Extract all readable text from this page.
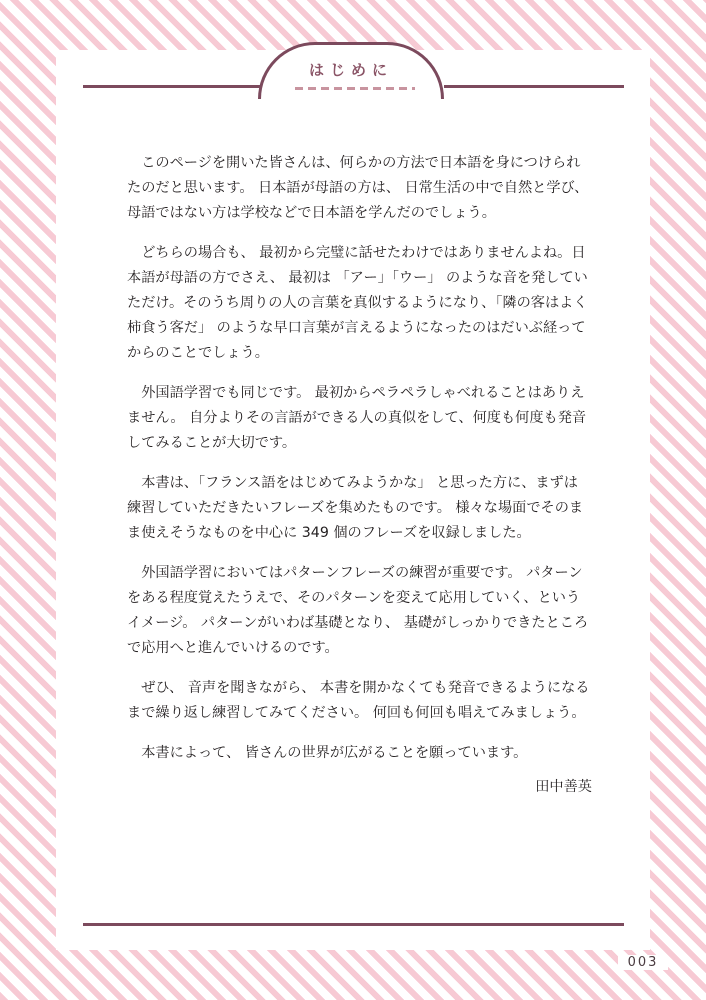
はじめに

このページを開いた皆さんは、何らかの方法で日本語を身につけられたのだと思います。 日本語が母語の方は、 日常生活の中で自然と学び、母語ではない方は学校などで日本語を学んだのでしょう。

どちらの場合も、 最初から完璧に話せたわけではありませんよね。日本語が母語の方でさえ、 最初は 「アー」「ウー」 のような音を発していただけ。そのうち周りの人の言葉を真似するようになり、「隣の客はよく柿食う客だ」 のような早口言葉が言えるようになったのはだいぶ経ってからのことでしょう。

外国語学習でも同じです。 最初からペラペラしゃべれることはありえません。 自分よりその言語ができる人の真似をして、何度も何度も発音してみることが大切です。

本書は、「フランス語をはじめてみようかな」 と思った方に、まずは練習していただきたいフレーズを集めたものです。 様々な場面でそのまま使えそうなものを中心に 349 個のフレーズを収録しました。

外国語学習においてはパターンフレーズの練習が重要です。 パターンをある程度覚えたうえで、そのパターンを変えて応用していく、というイメージ。 パターンがいわば基礎となり、 基礎がしっかりできたところで応用へと進んでいけるのです。

ぜひ、 音声を聞きながら、 本書を開かなくても発音できるようになるまで繰り返し練習してみてください。 何回も何回も唱えてみましょう。

本書によって、 皆さんの世界が広がることを願っています。

田中善英
003
